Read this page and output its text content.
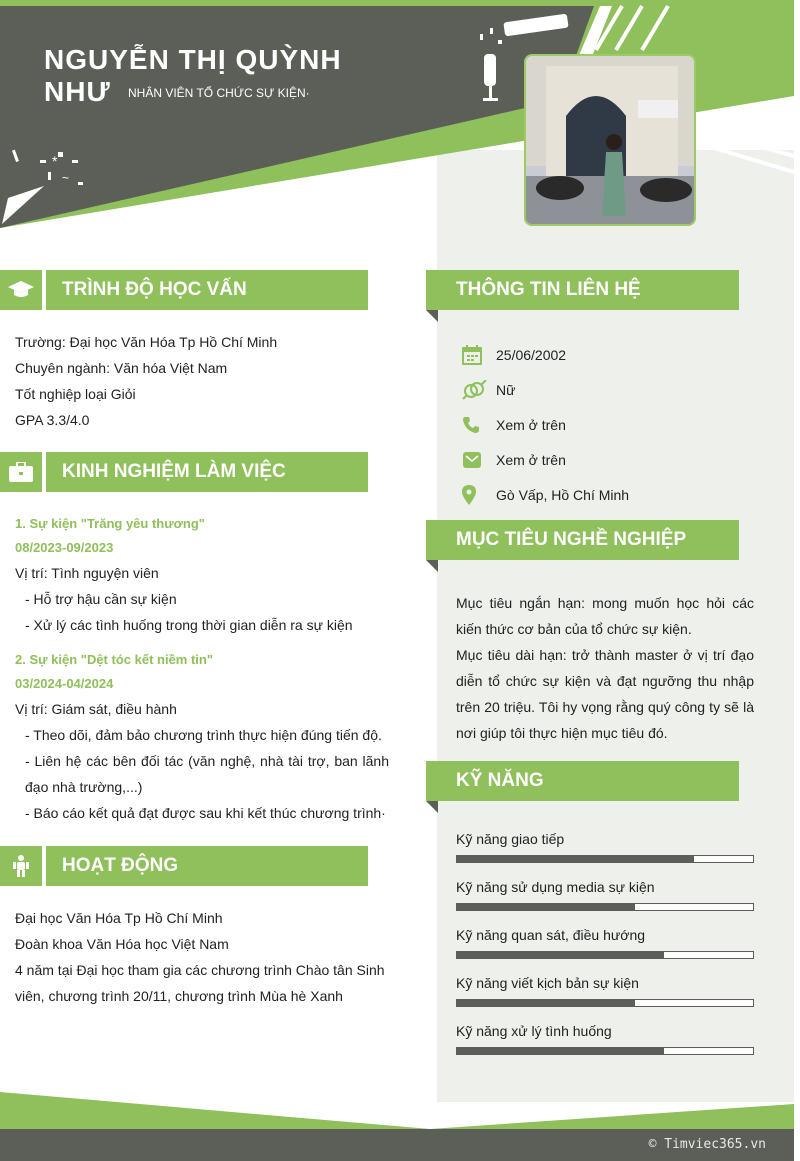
*
~
NGUYỄN THỊ QUỲNH NHƯ	NHÂN VIÊN TỔ CHỨC SỰ KIỆN·
TRÌNH ĐỘ HỌC VẤN
Trường: Đại học Văn Hóa Tp Hồ Chí Minh
Chuyên ngành: Văn hóa Việt Nam
Tốt nghiệp loại Giỏi
GPA 3.3/4.0
KINH NGHIỆM LÀM VIỆC
1. Sự kiện "Trăng yêu thương"
08/2023-09/2023
Vị trí: Tình nguyện viên
- Hỗ trợ hậu cần sự kiện
- Xử lý các tình huống trong thời gian diễn ra sự kiện
2. Sự kiện "Dệt tóc kết niềm tin"
03/2024-04/2024
Vị trí: Giám sát, điều hành
- Theo dõi, đảm bảo chương trình thực hiện đúng tiến độ.
- Liên hệ các bên đối tác (văn nghệ, nhà tài trợ, ban lãnh đạo nhà trường,...)
- Báo cáo kết quả đạt được sau khi kết thúc chương trình·
HOẠT ĐỘNG
Đại học Văn Hóa Tp Hồ Chí Minh
Đoàn khoa Văn Hóa học Việt Nam
4 năm tại Đại học tham gia các chương trình Chào tân Sinh viên, chương trình 20/11, chương trình Mùa hè Xanh
THÔNG TIN LIÊN HỆ
25/06/2002
Nữ
Xem ở trên
Xem ở trên
Gò Vấp, Hồ Chí Minh
MỤC TIÊU NGHỀ NGHIỆP
Mục tiêu ngắn hạn: mong muốn học hỏi các kiến thức cơ bản của tổ chức sự kiện.
Mục tiêu dài hạn: trở thành master ở vị trí đạo diễn tổ chức sự kiện và đạt ngưỡng thu nhập trên 20 triệu. Tôi hy vọng rằng quý công ty sẽ là nơi giúp tôi thực hiện mục tiêu đó.
KỸ NĂNG
Kỹ năng giao tiếp
Kỹ năng sử dụng media sự kiện
Kỹ năng quan sát, điều hướng
Kỹ năng viết kịch bản sự kiện
Kỹ năng xử lý tình huống
© Timviec365.vn
